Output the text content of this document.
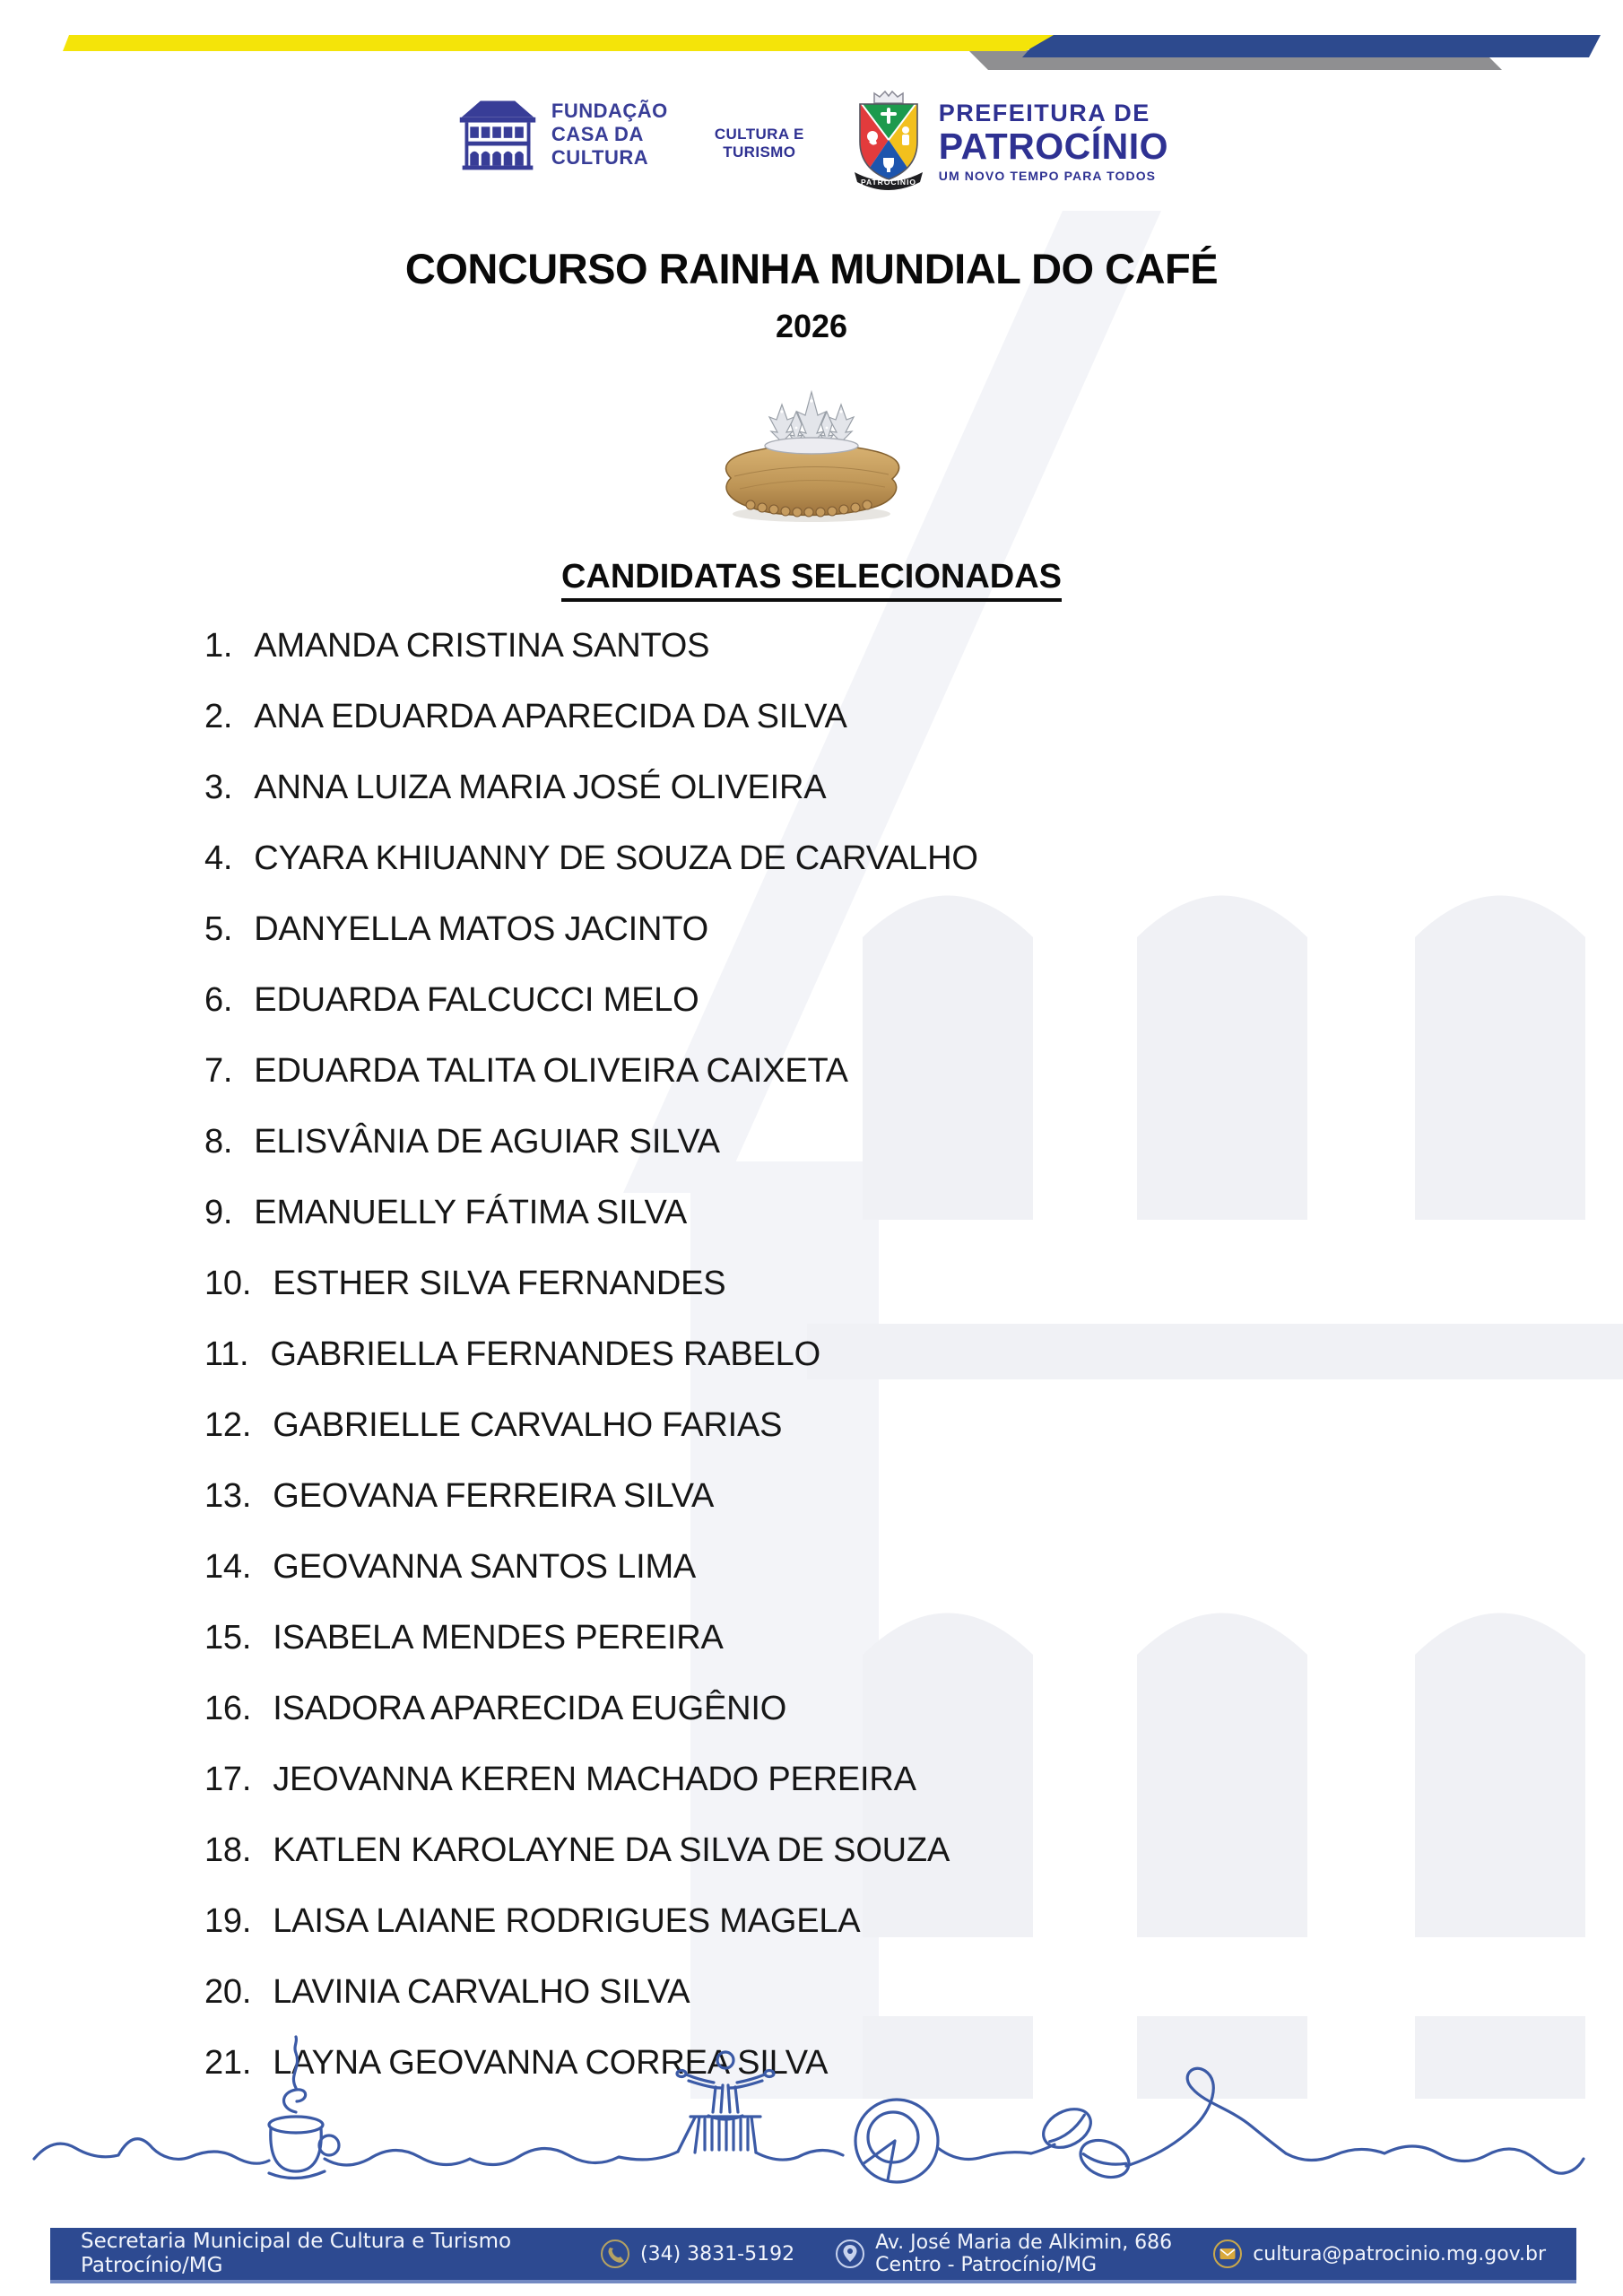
FUNDAÇÃO
CASA DA
CULTURA
CULTURA E
TURISMO
PATROCÍNIO
PREFEITURA DE
PATROCÍNIO
UM NOVO TEMPO PARA TODOS
CONCURSO RAINHA MUNDIAL DO CAFÉ
2026
CANDIDATAS SELECIONADAS
1. AMANDA CRISTINA SANTOS
2. ANA EDUARDA APARECIDA DA SILVA
3. ANNA LUIZA MARIA JOSÉ OLIVEIRA
4. CYARA KHIUANNY DE SOUZA DE CARVALHO
5. DANYELLA MATOS JACINTO
6. EDUARDA FALCUCCI MELO
7. EDUARDA TALITA OLIVEIRA CAIXETA
8. ELISVÂNIA DE AGUIAR SILVA
9. EMANUELLY FÁTIMA SILVA
10. ESTHER SILVA FERNANDES
11. GABRIELLA FERNANDES RABELO
12. GABRIELLE CARVALHO FARIAS
13. GEOVANA FERREIRA SILVA
14. GEOVANNA SANTOS LIMA
15. ISABELA MENDES PEREIRA
16. ISADORA APARECIDA EUGÊNIO
17. JEOVANNA KEREN MACHADO PEREIRA
18. KATLEN KAROLAYNE DA SILVA DE SOUZA
19. LAISA LAIANE RODRIGUES MAGELA
20. LAVINIA CARVALHO SILVA
21. LAYNA GEOVANNA CORREA SILVA
Secretaria Municipal de Cultura e Turismo
Patrocínio/MG	(34) 3831-5192	Av. José Maria de Alkimin, 686
Centro - Patrocínio/MG	cultura@patrocinio.mg.gov.br
